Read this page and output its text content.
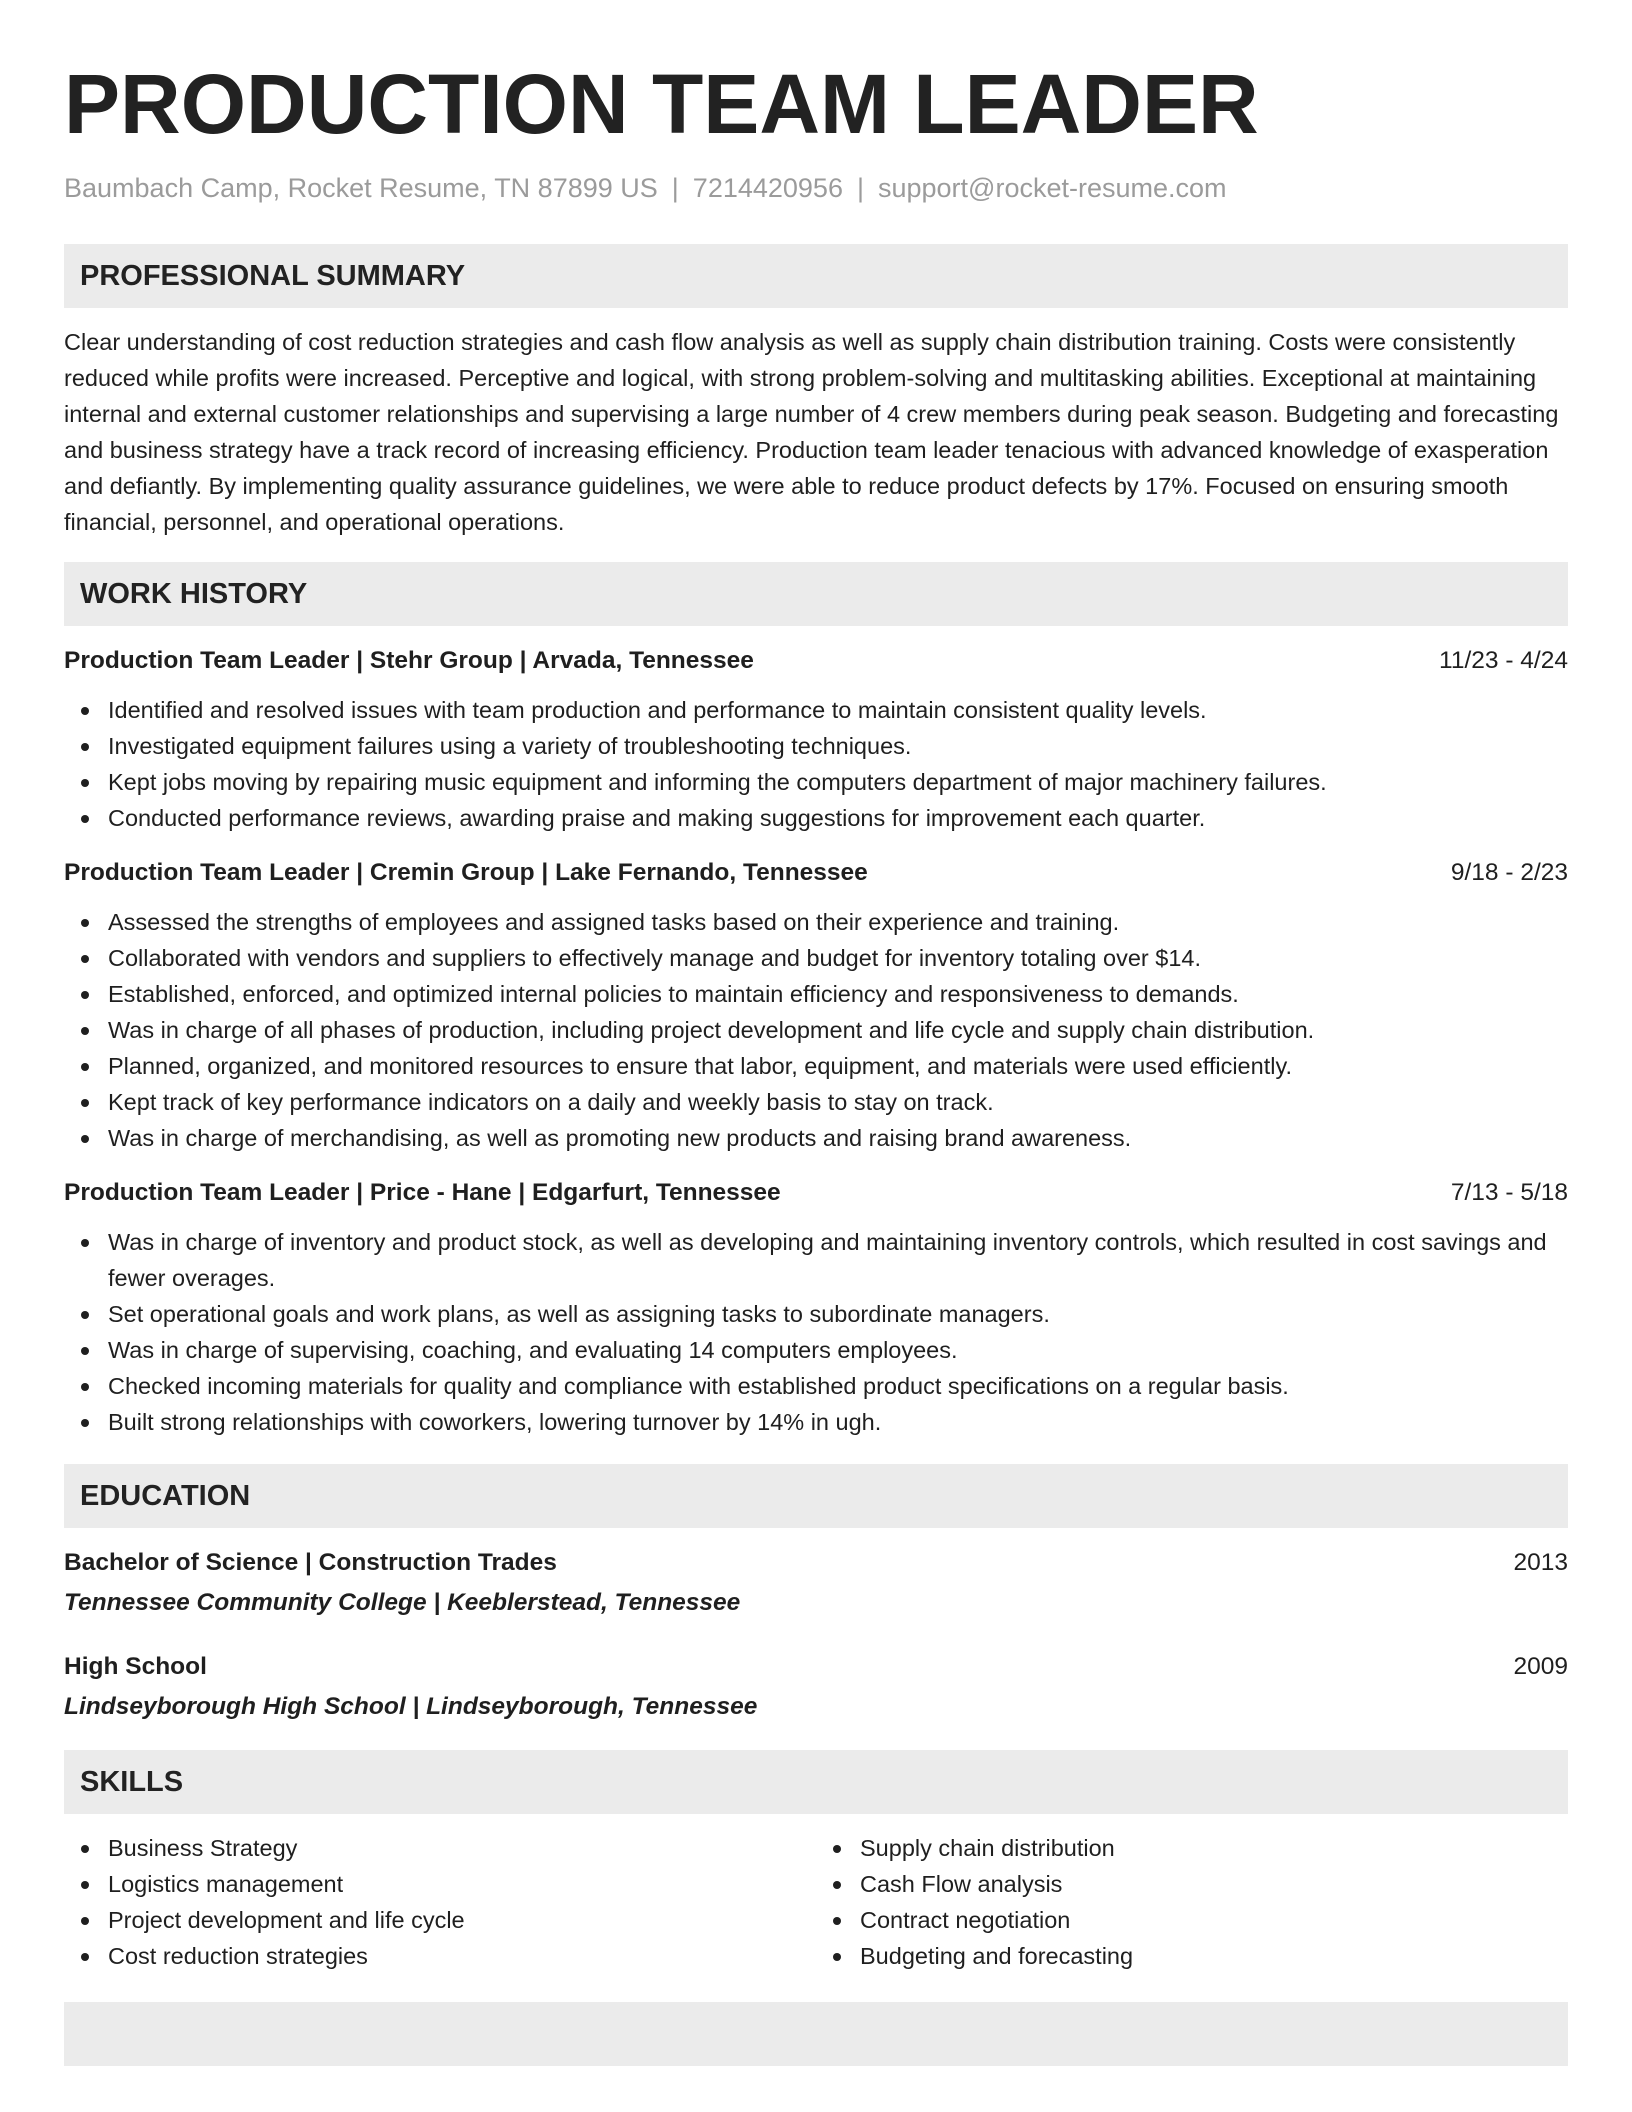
PRODUCTION TEAM LEADER
Baumbach Camp, Rocket Resume, TN 87899 US | 7214420956 | support@rocket-resume.com
PROFESSIONAL SUMMARY

Clear understanding of cost reduction strategies and cash flow analysis as well as supply chain distribution training. Costs were consistently reduced while profits were increased. Perceptive and logical, with strong problem-solving and multitasking abilities. Exceptional at maintaining internal and external customer relationships and supervising a large number of 4 crew members during peak season. Budgeting and forecasting and business strategy have a track record of increasing efficiency. Production team leader tenacious with advanced knowledge of exasperation and defiantly. By implementing quality assurance guidelines, we were able to reduce product defects by 17%. Focused on ensuring smooth financial, personnel, and operational operations.

WORK HISTORY
Production Team Leader | Stehr Group | Arvada, Tennessee	11/23 - 4/24
Identified and resolved issues with team production and performance to maintain consistent quality levels.
Investigated equipment failures using a variety of troubleshooting techniques.
Kept jobs moving by repairing music equipment and informing the computers department of major machinery failures.
Conducted performance reviews, awarding praise and making suggestions for improvement each quarter.
Production Team Leader | Cremin Group | Lake Fernando, Tennessee	9/18 - 2/23
Assessed the strengths of employees and assigned tasks based on their experience and training.
Collaborated with vendors and suppliers to effectively manage and budget for inventory totaling over $14.
Established, enforced, and optimized internal policies to maintain efficiency and responsiveness to demands.
Was in charge of all phases of production, including project development and life cycle and supply chain distribution.
Planned, organized, and monitored resources to ensure that labor, equipment, and materials were used efficiently.
Kept track of key performance indicators on a daily and weekly basis to stay on track.
Was in charge of merchandising, as well as promoting new products and raising brand awareness.
Production Team Leader | Price - Hane | Edgarfurt, Tennessee	7/13 - 5/18
Was in charge of inventory and product stock, as well as developing and maintaining inventory controls, which resulted in cost savings and fewer overages.
Set operational goals and work plans, as well as assigning tasks to subordinate managers.
Was in charge of supervising, coaching, and evaluating 14 computers employees.
Checked incoming materials for quality and compliance with established product specifications on a regular basis.
Built strong relationships with coworkers, lowering turnover by 14% in ugh.
EDUCATION
Bachelor of Science | Construction Trades	2013
Tennessee Community College | Keeblerstead, Tennessee
High School	2009
Lindseyborough High School | Lindseyborough, Tennessee
SKILLS
Business Strategy
Logistics management
Project development and life cycle
Cost reduction strategies
Supply chain distribution
Cash Flow analysis
Contract negotiation
Budgeting and forecasting
